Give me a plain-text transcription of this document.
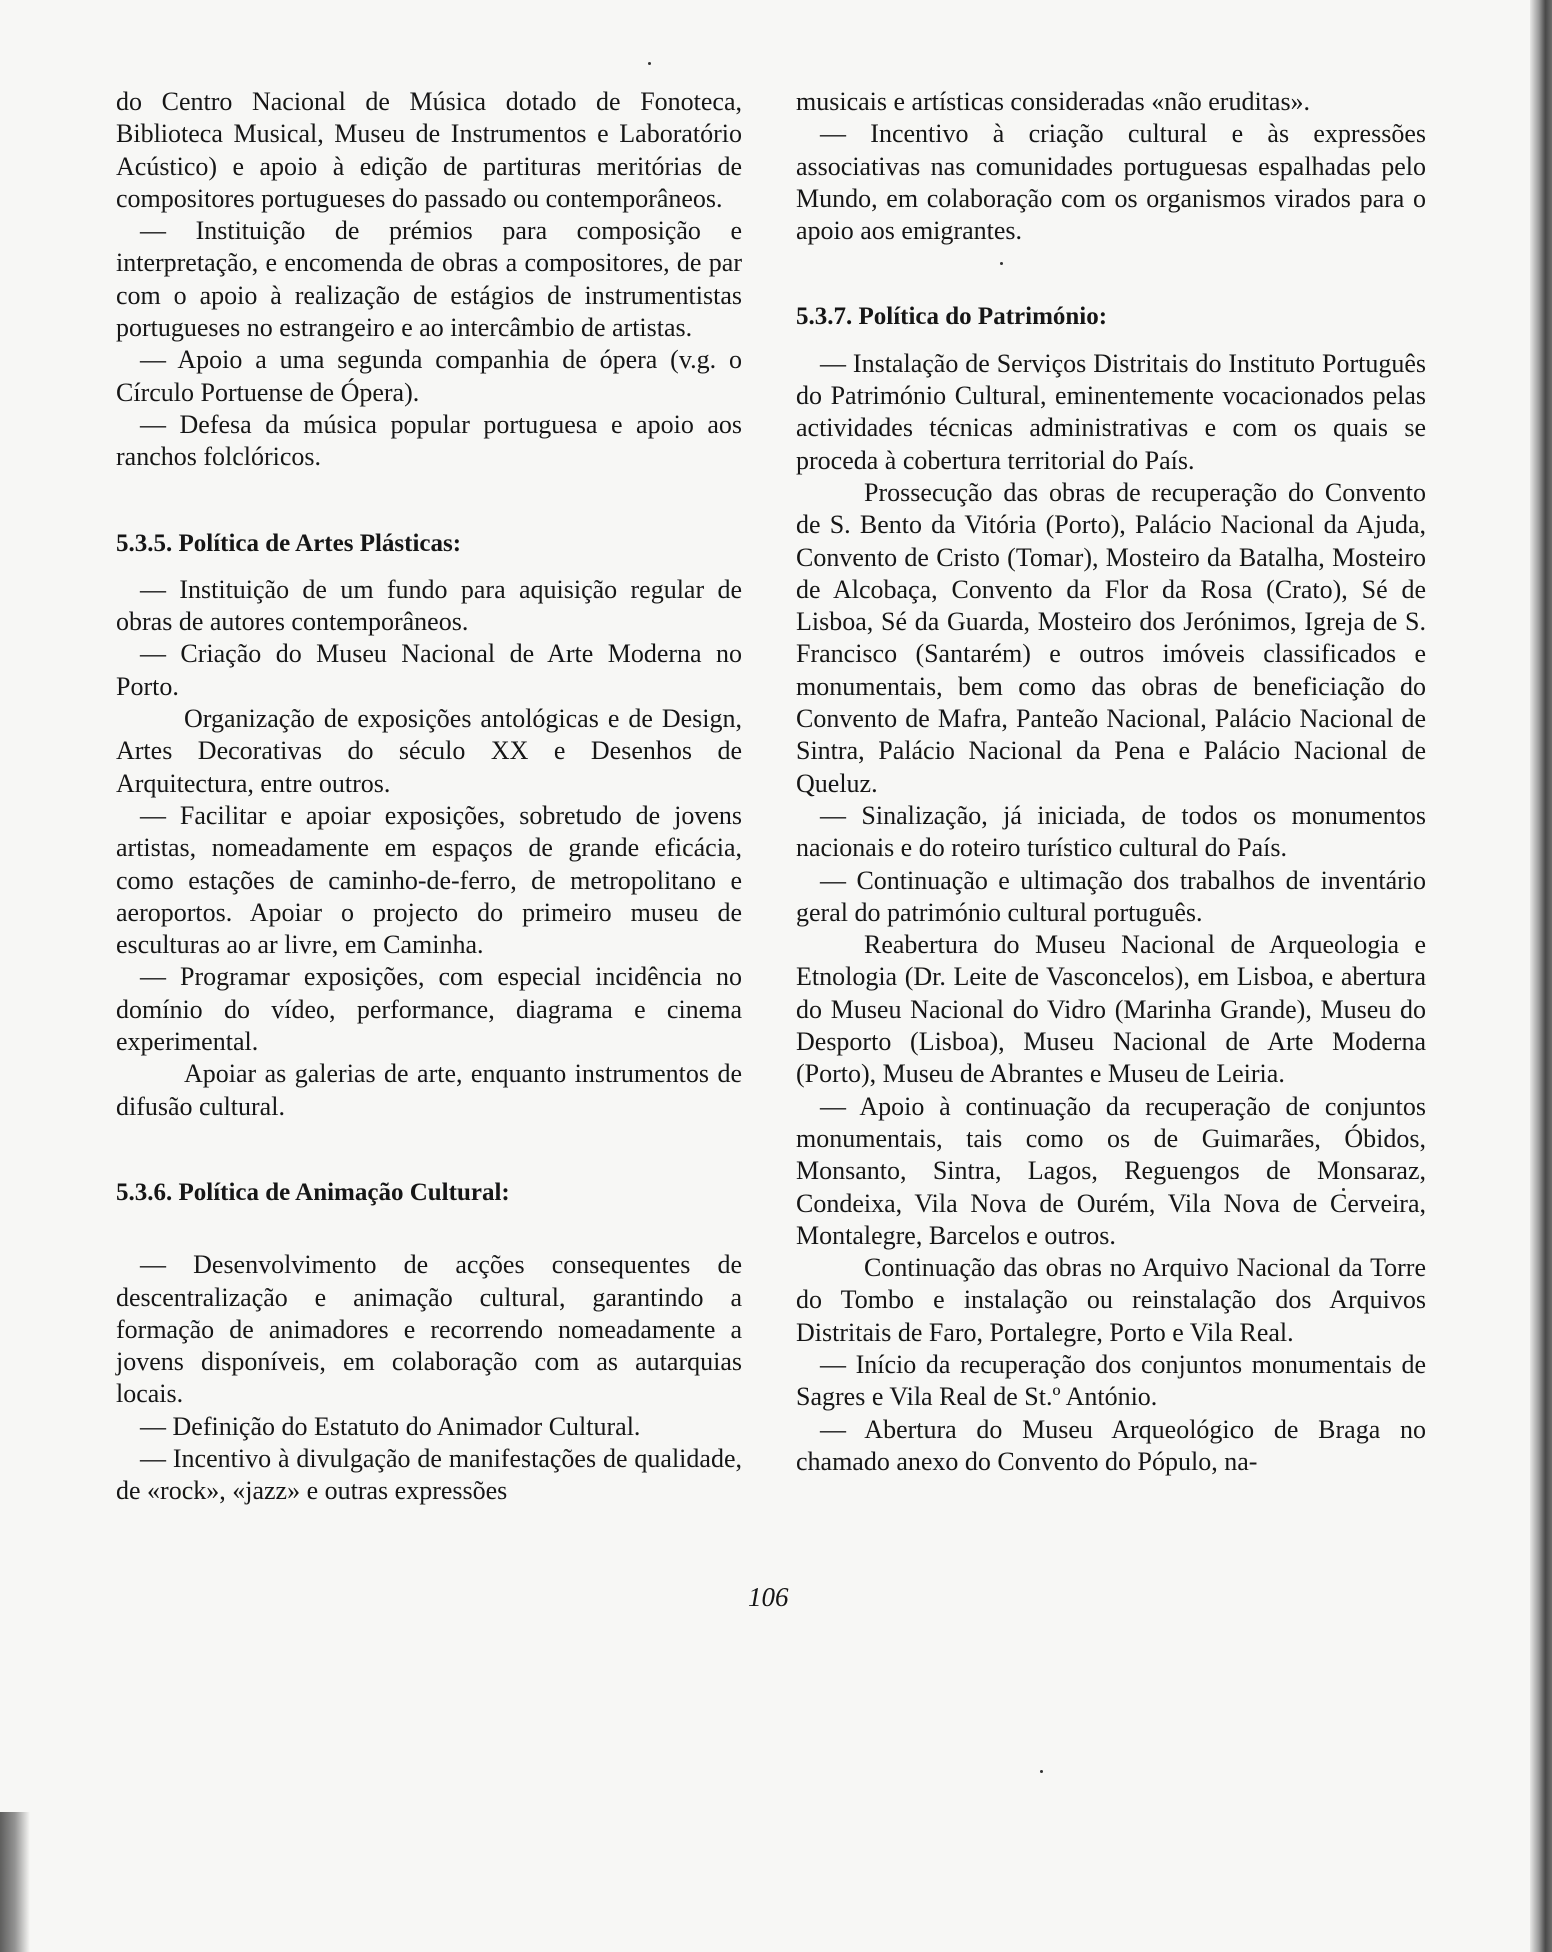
do Centro Nacional de Música dotado de Fonoteca, Biblioteca Musical, Museu de Instrumentos e Laboratório Acústico) e apoio à edição de partituras meritórias de compositores portugueses do passado ou contemporâneos.

— Instituição de prémios para composição e interpretação, e encomenda de obras a compositores, de par com o apoio à realização de estágios de instrumentistas portugueses no estrangeiro e ao intercâmbio de artistas.

— Apoio a uma segunda companhia de ópera (v.g. o Círculo Portuense de Ópera).

— Defesa da música popular portuguesa e apoio aos ranchos folclóricos.

5.3.5. Política de Artes Plásticas:

— Instituição de um fundo para aquisição regular de obras de autores contemporâneos.

— Criação do Museu Nacional de Arte Moderna no Porto.

Organização de exposições antológicas e de Design, Artes Decorativas do século XX e Desenhos de Arquitectura, entre outros.

— Facilitar e apoiar exposições, sobretudo de jovens artistas, nomeadamente em espaços de grande eficácia, como estações de caminho-de-ferro, de metropolitano e aeroportos. Apoiar o projecto do primeiro museu de esculturas ao ar livre, em Caminha.

— Programar exposições, com especial incidência no domínio do vídeo, performance, diagrama e cinema experimental.

Apoiar as galerias de arte, enquanto instrumentos de difusão cultural.

5.3.6. Política de Animação Cultural:

— Desenvolvimento de acções consequentes de descentralização e animação cultural, garantindo a formação de animadores e recorrendo nomeadamente a jovens disponíveis, em colaboração com as autarquias locais.

— Definição do Estatuto do Animador Cultural.

— Incentivo à divulgação de manifestações de qualidade, de «rock», «jazz» e outras expressões

musicais e artísticas consideradas «não eruditas».

— Incentivo à criação cultural e às expressões associativas nas comunidades portuguesas espalhadas pelo Mundo, em colaboração com os organismos virados para o apoio aos emigrantes.

5.3.7. Política do Património:

— Instalação de Serviços Distritais do Instituto Português do Património Cultural, eminentemente vocacionados pelas actividades técnicas administrativas e com os quais se proceda à cobertura territorial do País.

Prossecução das obras de recuperação do Convento de S. Bento da Vitória (Porto), Palácio Nacional da Ajuda, Convento de Cristo (Tomar), Mosteiro da Batalha, Mosteiro de Alcobaça, Convento da Flor da Rosa (Crato), Sé de Lisboa, Sé da Guarda, Mosteiro dos Jerónimos, Igreja de S. Francisco (Santarém) e outros imóveis classificados e monumentais, bem como das obras de beneficiação do Convento de Mafra, Panteão Nacional, Palácio Nacional de Sintra, Palácio Nacional da Pena e Palácio Nacional de Queluz.

— Sinalização, já iniciada, de todos os monumentos nacionais e do roteiro turístico cultural do País.

— Continuação e ultimação dos trabalhos de inventário geral do património cultural português.

Reabertura do Museu Nacional de Arqueologia e Etnologia (Dr. Leite de Vasconcelos), em Lisboa, e abertura do Museu Nacional do Vidro (Marinha Grande), Museu do Desporto (Lisboa), Museu Nacional de Arte Moderna (Porto), Museu de Abrantes e Museu de Leiria.

— Apoio à continuação da recuperação de conjuntos monumentais, tais como os de Guimarães, Óbidos, Monsanto, Sintra, Lagos, Reguengos de Monsaraz, Condeixa, Vila Nova de Ourém, Vila Nova de Cerveira, Montalegre, Barcelos e outros.

Continuação das obras no Arquivo Nacional da Torre do Tombo e instalação ou reinstalação dos Arquivos Distritais de Faro, Portalegre, Porto e Vila Real.

— Início da recuperação dos conjuntos monumentais de Sagres e Vila Real de St.º António.

— Abertura do Museu Arqueológico de Braga no chamado anexo do Convento do Pópulo, na-

106
